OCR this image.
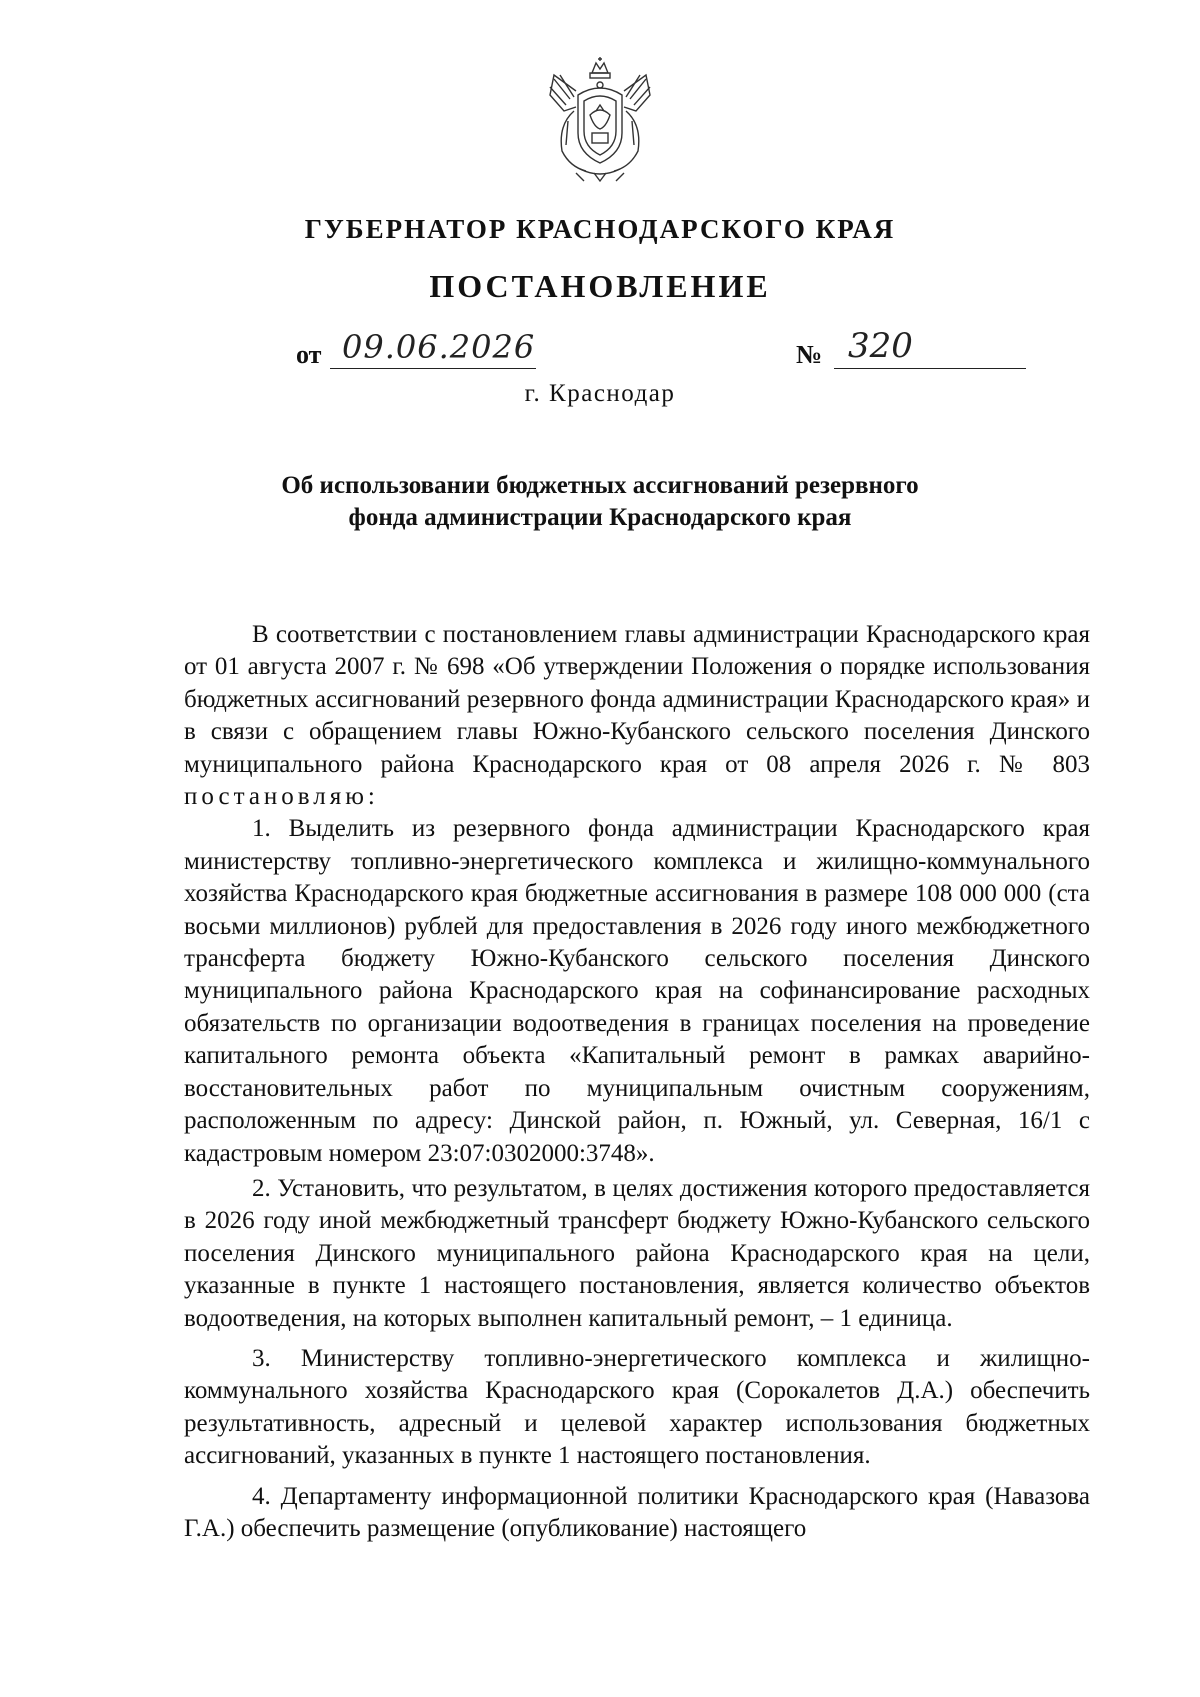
ГУБЕРНАТОР КРАСНОДАРСКОГО КРАЯ
ПОСТАНОВЛЕНИЕ
от 09.06.2026	№ 320
г. Краснодар
Об использовании бюджетных ассигнований резервного
фонда администрации Краснодарского края

В соответствии с постановлением главы администрации Краснодарского края от 01 августа 2007 г. № 698 «Об утверждении Положения о порядке использования бюджетных ассигнований резервного фонда администрации Краснодарского края» и в связи с обращением главы Южно-Кубанского сельского поселения Динского муниципального района Краснодарского края от 08 апреля 2026 г. № 803 постановляю:

1. Выделить из резервного фонда администрации Краснодарского края министерству топливно-энергетического комплекса и жилищно-коммунального хозяйства Краснодарского края бюджетные ассигнования в размере 108 000 000 (ста восьми миллионов) рублей для предоставления в 2026 году иного межбюджетного трансферта бюджету Южно-Кубанского сельского поселения Динского муниципального района Краснодарского края на софинансирование расходных обязательств по организации водоотведения в границах поселения на проведение капитального ремонта объекта «Капитальный ремонт в рамках аварийно-восстановительных работ по муниципальным очистным сооружениям, расположенным по адресу: Динской район, п. Южный, ул. Северная, 16/1 с кадастровым номером 23:07:0302000:3748».

2. Установить, что результатом, в целях достижения которого предоставляется в 2026 году иной межбюджетный трансферт бюджету Южно-Кубанского сельского поселения Динского муниципального района Краснодарского края на цели, указанные в пункте 1 настоящего постановления, является количество объектов водоотведения, на которых выполнен капитальный ремонт, – 1 единица.

3. Министерству топливно-энергетического комплекса и жилищно-коммунального хозяйства Краснодарского края (Сорокалетов Д.А.) обеспечить результативность, адресный и целевой характер использования бюджетных ассигнований, указанных в пункте 1 настоящего постановления.

4. Департаменту информационной политики Краснодарского края (Навазова Г.А.) обеспечить размещение (опубликование) настоящего
